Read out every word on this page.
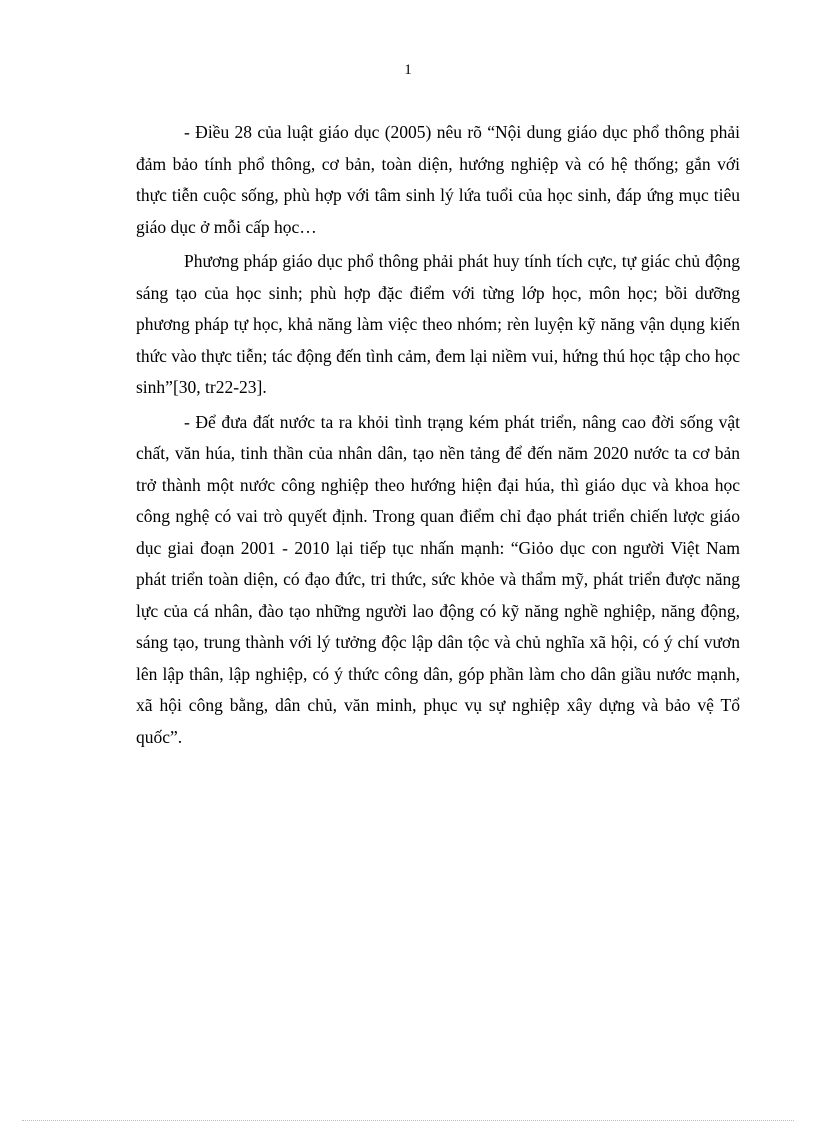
1

- Điều 28 của luật giáo dục (2005) nêu rõ “Nội dung giáo dục phổ thông phải đảm bảo tính phổ thông, cơ bản, toàn diện, hướng nghiệp và có hệ thống; gắn với thực tiễn cuộc sống, phù hợp với tâm sinh lý lứa tuổi của học sinh, đáp ứng mục tiêu giáo dục ở mỗi cấp học…

Phương pháp giáo dục phổ thông phải phát huy tính tích cực, tự giác chủ động sáng tạo của học sinh; phù hợp đặc điểm với từng lớp học, môn học; bồi dưỡng phương pháp tự học, khả năng làm việc theo nhóm; rèn luyện kỹ năng vận dụng kiến thức vào thực tiễn; tác động đến tình cảm, đem lại niềm vui, hứng thú học tập cho học sinh”[30, tr22-23].

- Để đưa đất nước ta ra khỏi tình trạng kém phát triển, nâng cao đời sống vật chất, văn húa, tinh thần của nhân dân, tạo nền tảng để đến năm 2020 nước ta cơ bản trở thành một nước công nghiệp theo hướng hiện đại húa, thì giáo dục và khoa học công nghệ có vai trò quyết định. Trong quan điểm chỉ đạo phát triển chiến lược giáo dục giai đoạn 2001 - 2010 lại tiếp tục nhấn mạnh: “Giỏo dục con người Việt Nam phát triển toàn diện, có đạo đức, tri thức, sức khỏe và thẩm mỹ, phát triển được năng lực của cá nhân, đào tạo những người lao động có kỹ năng nghề nghiệp, năng động, sáng tạo, trung thành với lý tưởng độc lập dân tộc và chủ nghĩa xã hội, có ý chí vươn lên lập thân, lập nghiệp, có ý thức công dân, góp phần làm cho dân giầu nước mạnh, xã hội công bằng, dân chủ, văn minh, phục vụ sự nghiệp xây dựng và bảo vệ Tổ quốc”.
